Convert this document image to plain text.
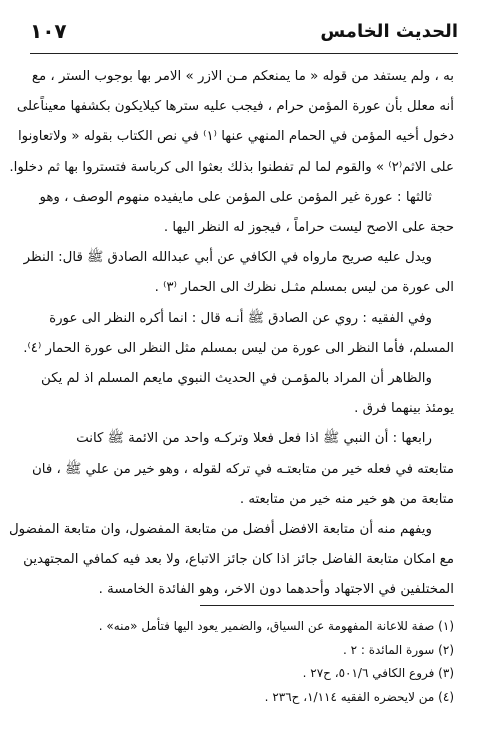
الحديث الخامس
١٠٧
به ، ولم يستفد من قوله « ما يمنعكم مـن الازر » الامر بها بوجوب الستر ، مع
أنه معلل بأن عورة المؤمن حرام ، فيجب عليه سترها كيلايكون بكشفها معيناًعلى
دخول أخيه المؤمن في الحمام المنهي عنها ⁽١⁾ في نص الكتاب بقوله « ولاتعاونوا
على الاثم⁽٢⁾ » والقوم لما لم تفطنوا بذلك بعثوا الى كرباسة فتستروا بها ثم دخلوا.
ثالثها : عورة غير المؤمن على المؤمن على مايفيده منهوم الوصف ، وهو
حجة على الاصح ليست حراماً ، فيجوز له النظر اليها .
ويدل عليه صريح مارواه في الكافي عن أبي عبدالله الصادق ﷺ قال: النظر
الى عورة من ليس بمسلم مثـل نظرك الى الحمار ⁽٣⁾ .
وفي الفقيه : روي عن الصادق ﷺ أنـه قال : انما أكره النظر الى عورة
المسلم، فأما النظر الى عورة من ليس بمسلم مثل النظر الى عورة الحمار ⁽٤⁾.
والظاهر أن المراد بالمؤمـن في الحديث النبوي مايعم المسلم اذ لم يكن
يومئذ بينهما فرق .
رابعها : أن النبي ﷺ اذا فعل فعلا وتركـه واحد من الائمة ﷺ كانت
متابعته في فعله خير من متابعتـه في تركه لقوله ، وهو خير من علي ﷺ ، فان
متابعة من هو خير منه خير من متابعته .
ويفهم منه أن متابعة الافضل أفضل من متابعة المفضول، وان متابعة المفضول
مع امكان متابعة الفاضل جائز اذا كان جائز الاتباع، ولا بعد فيه كمافي المجتهدين
المختلفين في الاجتهاد وأحدهما دون الاخر، وهو الفائدة الخامسة .
(١) صفة للاعانة المفهومة عن السياق، والضمير يعود اليها فتأمل «منه» .
(٢) سورة المائدة : ٢ .
(٣) فروع الكافي ٥٠١/٦، ح٢٧ .
(٤) من لايحضره الفقيه ١/١١٤، ح٢٣٦ .
